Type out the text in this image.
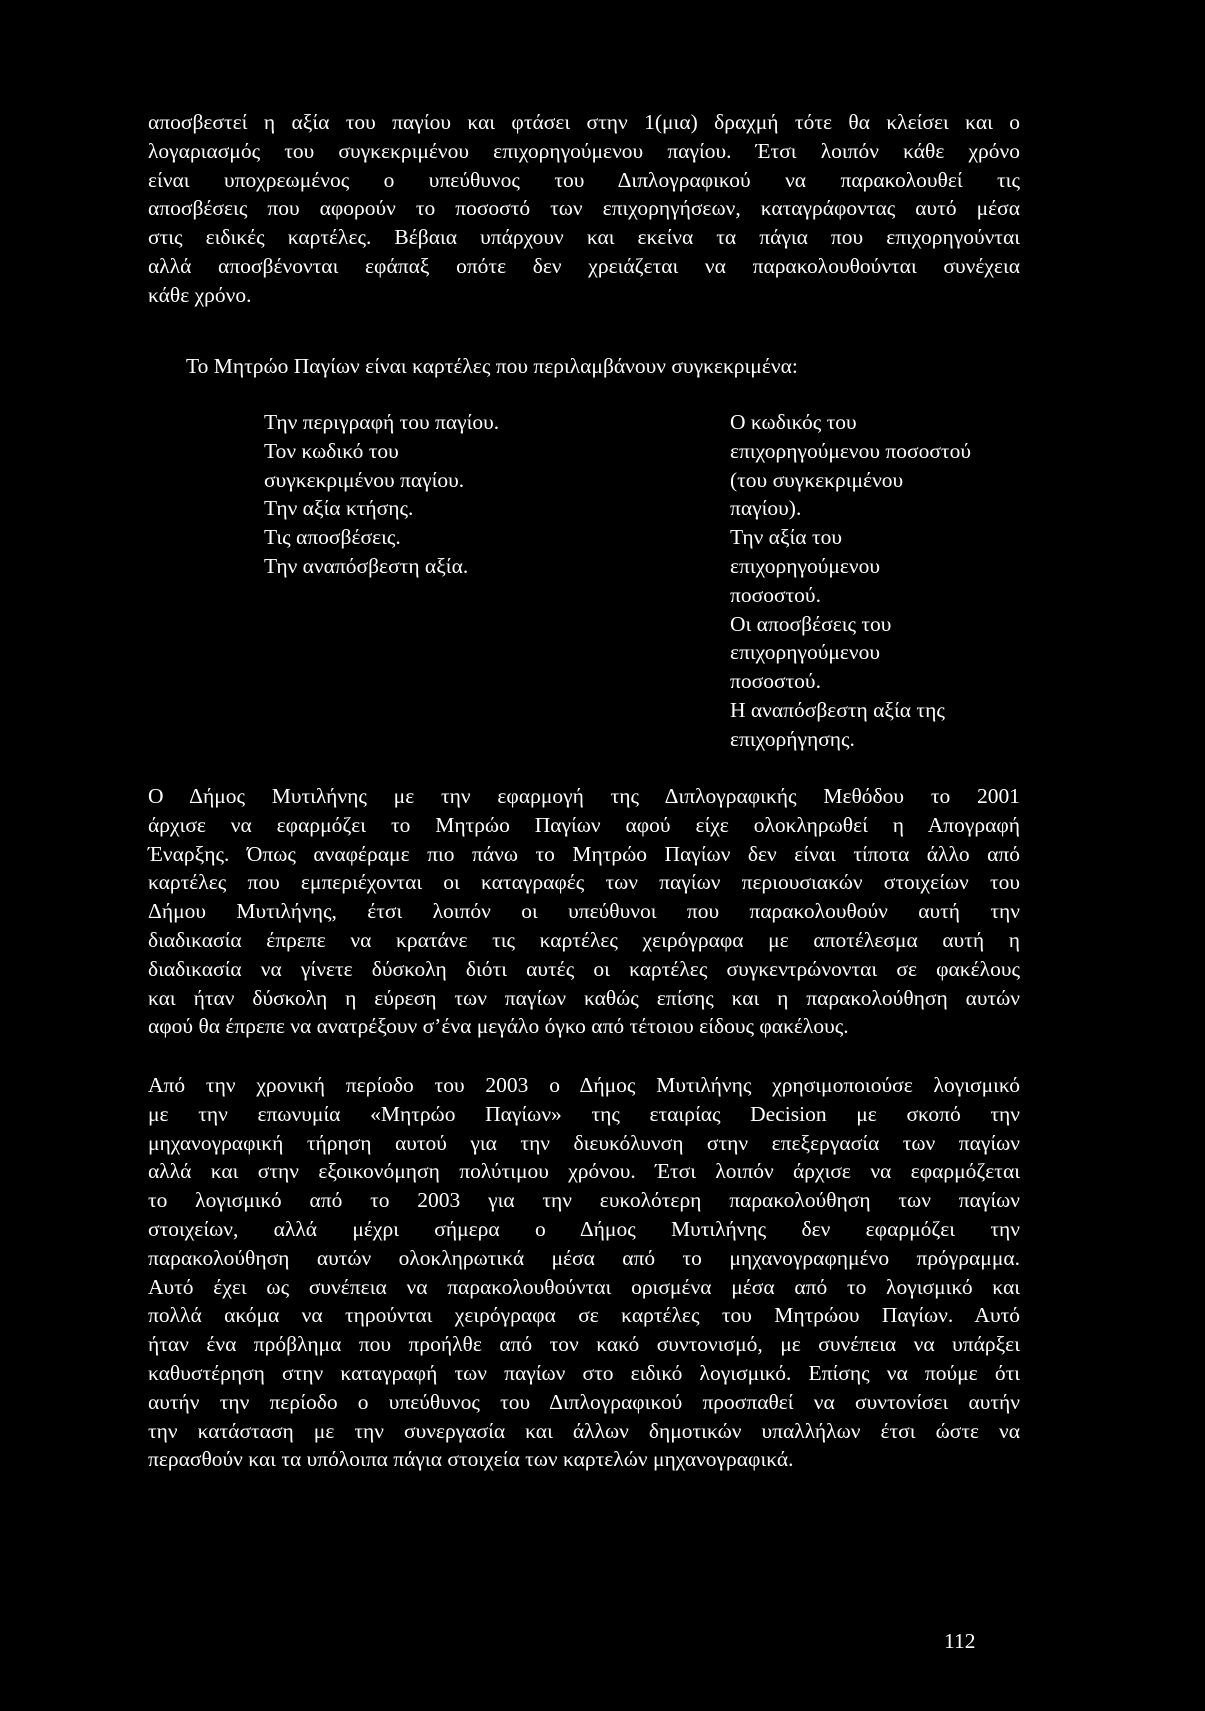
αποσβεστεί η αξία του παγίου και φτάσει στην 1(μια) δραχμή τότε θα κλείσει και ο
λογαριασμός του συγκεκριμένου επιχορηγούμενου παγίου. Έτσι λοιπόν κάθε χρόνο
είναι υποχρεωμένος ο υπεύθυνος του Διπλογραφικού να παρακολουθεί τις
αποσβέσεις που αφορούν το ποσοστό των επιχορηγήσεων, καταγράφοντας αυτό μέσα
στις ειδικές καρτέλες. Βέβαια υπάρχουν και εκείνα τα πάγια που επιχορηγούνται
αλλά αποσβένονται εφάπαξ οπότε δεν χρειάζεται να παρακολουθούνται συνέχεια
κάθε χρόνο.
Το Μητρώο Παγίων είναι καρτέλες που περιλαμβάνουν συγκεκριμένα:
Την περιγραφή του παγίου.
Τον κωδικό του
συγκεκριμένου παγίου.
Την αξία κτήσης.
Τις αποσβέσεις.
Την αναπόσβεστη αξία.
Ο κωδικός του
επιχορηγούμενου ποσοστού
(του συγκεκριμένου
παγίου).
Την αξία του
επιχορηγούμενου
ποσοστού.
Οι αποσβέσεις του
επιχορηγούμενου
ποσοστού.
Η αναπόσβεστη αξία της
επιχορήγησης.
Ο Δήμος Μυτιλήνης με την εφαρμογή της Διπλογραφικής Μεθόδου το 2001
άρχισε να εφαρμόζει το Μητρώο Παγίων αφού είχε ολοκληρωθεί η Απογραφή
Έναρξης. Όπως αναφέραμε πιο πάνω το Μητρώο Παγίων δεν είναι τίποτα άλλο από
καρτέλες που εμπεριέχονται οι καταγραφές των παγίων περιουσιακών στοιχείων του
Δήμου Μυτιλήνης, έτσι λοιπόν οι υπεύθυνοι που παρακολουθούν αυτή την
διαδικασία έπρεπε να κρατάνε τις καρτέλες χειρόγραφα με αποτέλεσμα αυτή η
διαδικασία να γίνετε δύσκολη διότι αυτές οι καρτέλες συγκεντρώνονται σε φακέλους
και ήταν δύσκολη η εύρεση των παγίων καθώς επίσης και η παρακολούθηση αυτών
αφού θα έπρεπε να ανατρέξουν σ’ένα μεγάλο όγκο από τέτοιου είδους φακέλους.
Από την χρονική περίοδο του 2003 ο Δήμος Μυτιλήνης χρησιμοποιούσε λογισμικό
με την επωνυμία «Μητρώο Παγίων» της εταιρίας Decision με σκοπό την
μηχανογραφική τήρηση αυτού για την διευκόλυνση στην επεξεργασία των παγίων
αλλά και στην εξοικονόμηση πολύτιμου χρόνου. Έτσι λοιπόν άρχισε να εφαρμόζεται
το λογισμικό από το 2003 για την ευκολότερη παρακολούθηση των παγίων
στοιχείων, αλλά μέχρι σήμερα ο Δήμος Μυτιλήνης δεν εφαρμόζει την
παρακολούθηση αυτών ολοκληρωτικά μέσα από το μηχανογραφημένο πρόγραμμα.
Αυτό έχει ως συνέπεια να παρακολουθούνται ορισμένα μέσα από το λογισμικό και
πολλά ακόμα να τηρούνται χειρόγραφα σε καρτέλες του Μητρώου Παγίων. Αυτό
ήταν ένα πρόβλημα που προήλθε από τον κακό συντονισμό, με συνέπεια να υπάρξει
καθυστέρηση στην καταγραφή των παγίων στο ειδικό λογισμικό. Επίσης να πούμε ότι
αυτήν την περίοδο ο υπεύθυνος του Διπλογραφικού προσπαθεί να συντονίσει αυτήν
την κατάσταση με την συνεργασία και άλλων δημοτικών υπαλλήλων έτσι ώστε να
περασθούν και τα υπόλοιπα πάγια στοιχεία των καρτελών μηχανογραφικά.
112
